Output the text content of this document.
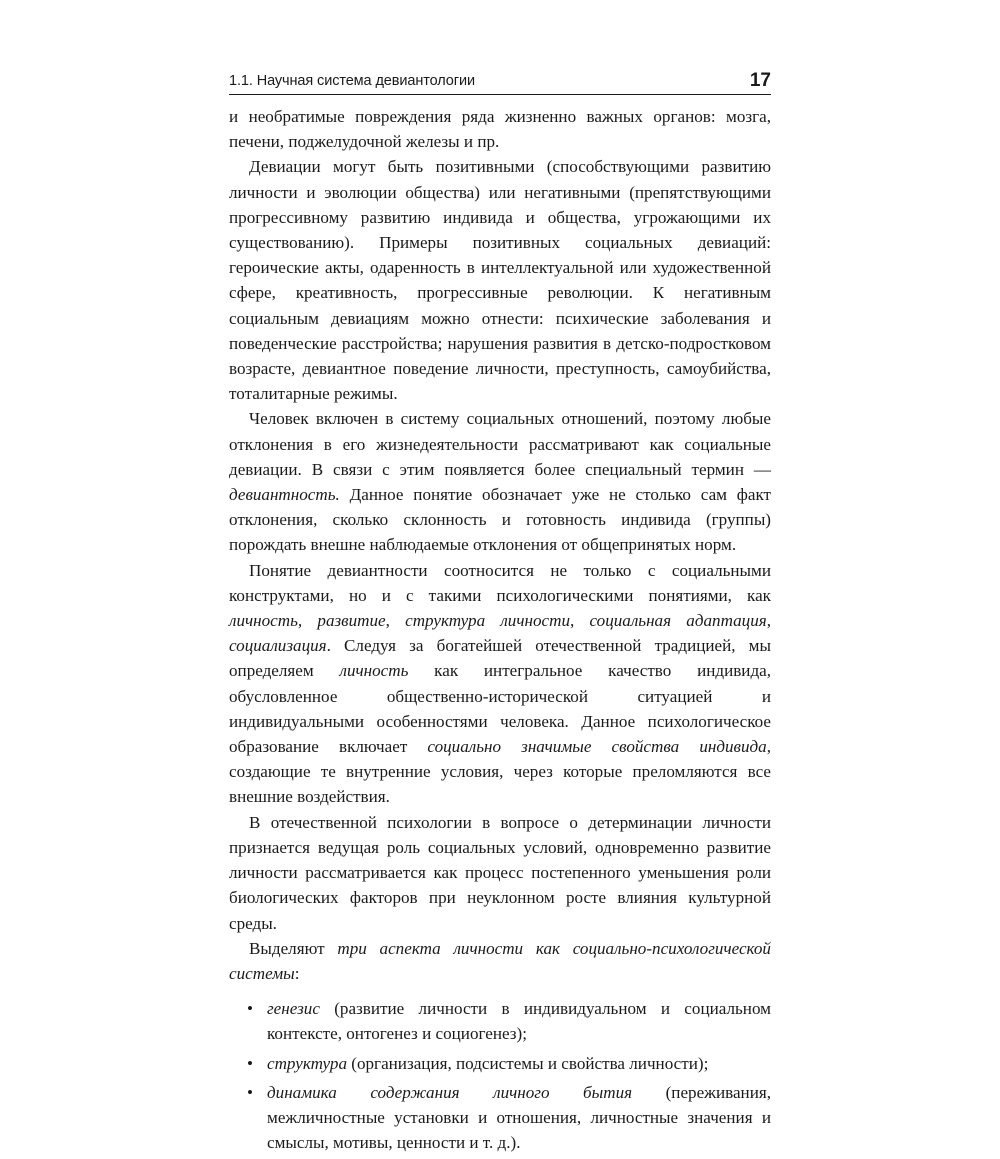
1.1. Научная система девиантологии	17

и необратимые повреждения ряда жизненно важных органов: мозга, печени, поджелудочной железы и пр.

Девиации могут быть позитивными (способствующими развитию личности и эволюции общества) или негативными (препятствующими прогрессивному развитию индивида и общества, угрожающими их существованию). Примеры позитивных социальных девиаций: героические акты, одаренность в интеллектуальной или художественной сфере, креативность, прогрессивные революции. К негативным социальным девиациям можно отнести: психические заболевания и поведенческие расстройства; нарушения развития в детско-подростковом возрасте, девиантное поведение личности, преступность, самоубийства, тоталитарные режимы.

Человек включен в систему социальных отношений, поэтому любые отклонения в его жизнедеятельности рассматривают как социальные девиации. В связи с этим появляется более специальный термин — девиантность. Данное понятие обозначает уже не столько сам факт отклонения, сколько склонность и готовность индивида (группы) порождать внешне наблюдаемые отклонения от общепринятых норм.

Понятие девиантности соотносится не только с социальными конструктами, но и с такими психологическими понятиями, как личность, развитие, структура личности, социальная адаптация, социализация. Следуя за богатейшей отечественной традицией, мы определяем личность как интегральное качество индивида, обусловленное общественно-исторической ситуацией и индивидуальными особенностями человека. Данное психологическое образование включает социально значимые свойства индивида, создающие те внутренние условия, через которые преломляются все внешние воздействия.

В отечественной психологии в вопросе о детерминации личности признается ведущая роль социальных условий, одновременно развитие личности рассматривается как процесс постепенного уменьшения роли биологических факторов при неуклонном росте влияния культурной среды.

Выделяют три аспекта личности как социально-психологической системы:

• генезис (развитие личности в индивидуальном и социальном контексте, онтогенез и социогенез);
• структура (организация, подсистемы и свойства личности);
• динамика содержания личного бытия (переживания, межличностные установки и отношения, личностные значения и смыслы, мотивы, ценности и т. д.).
